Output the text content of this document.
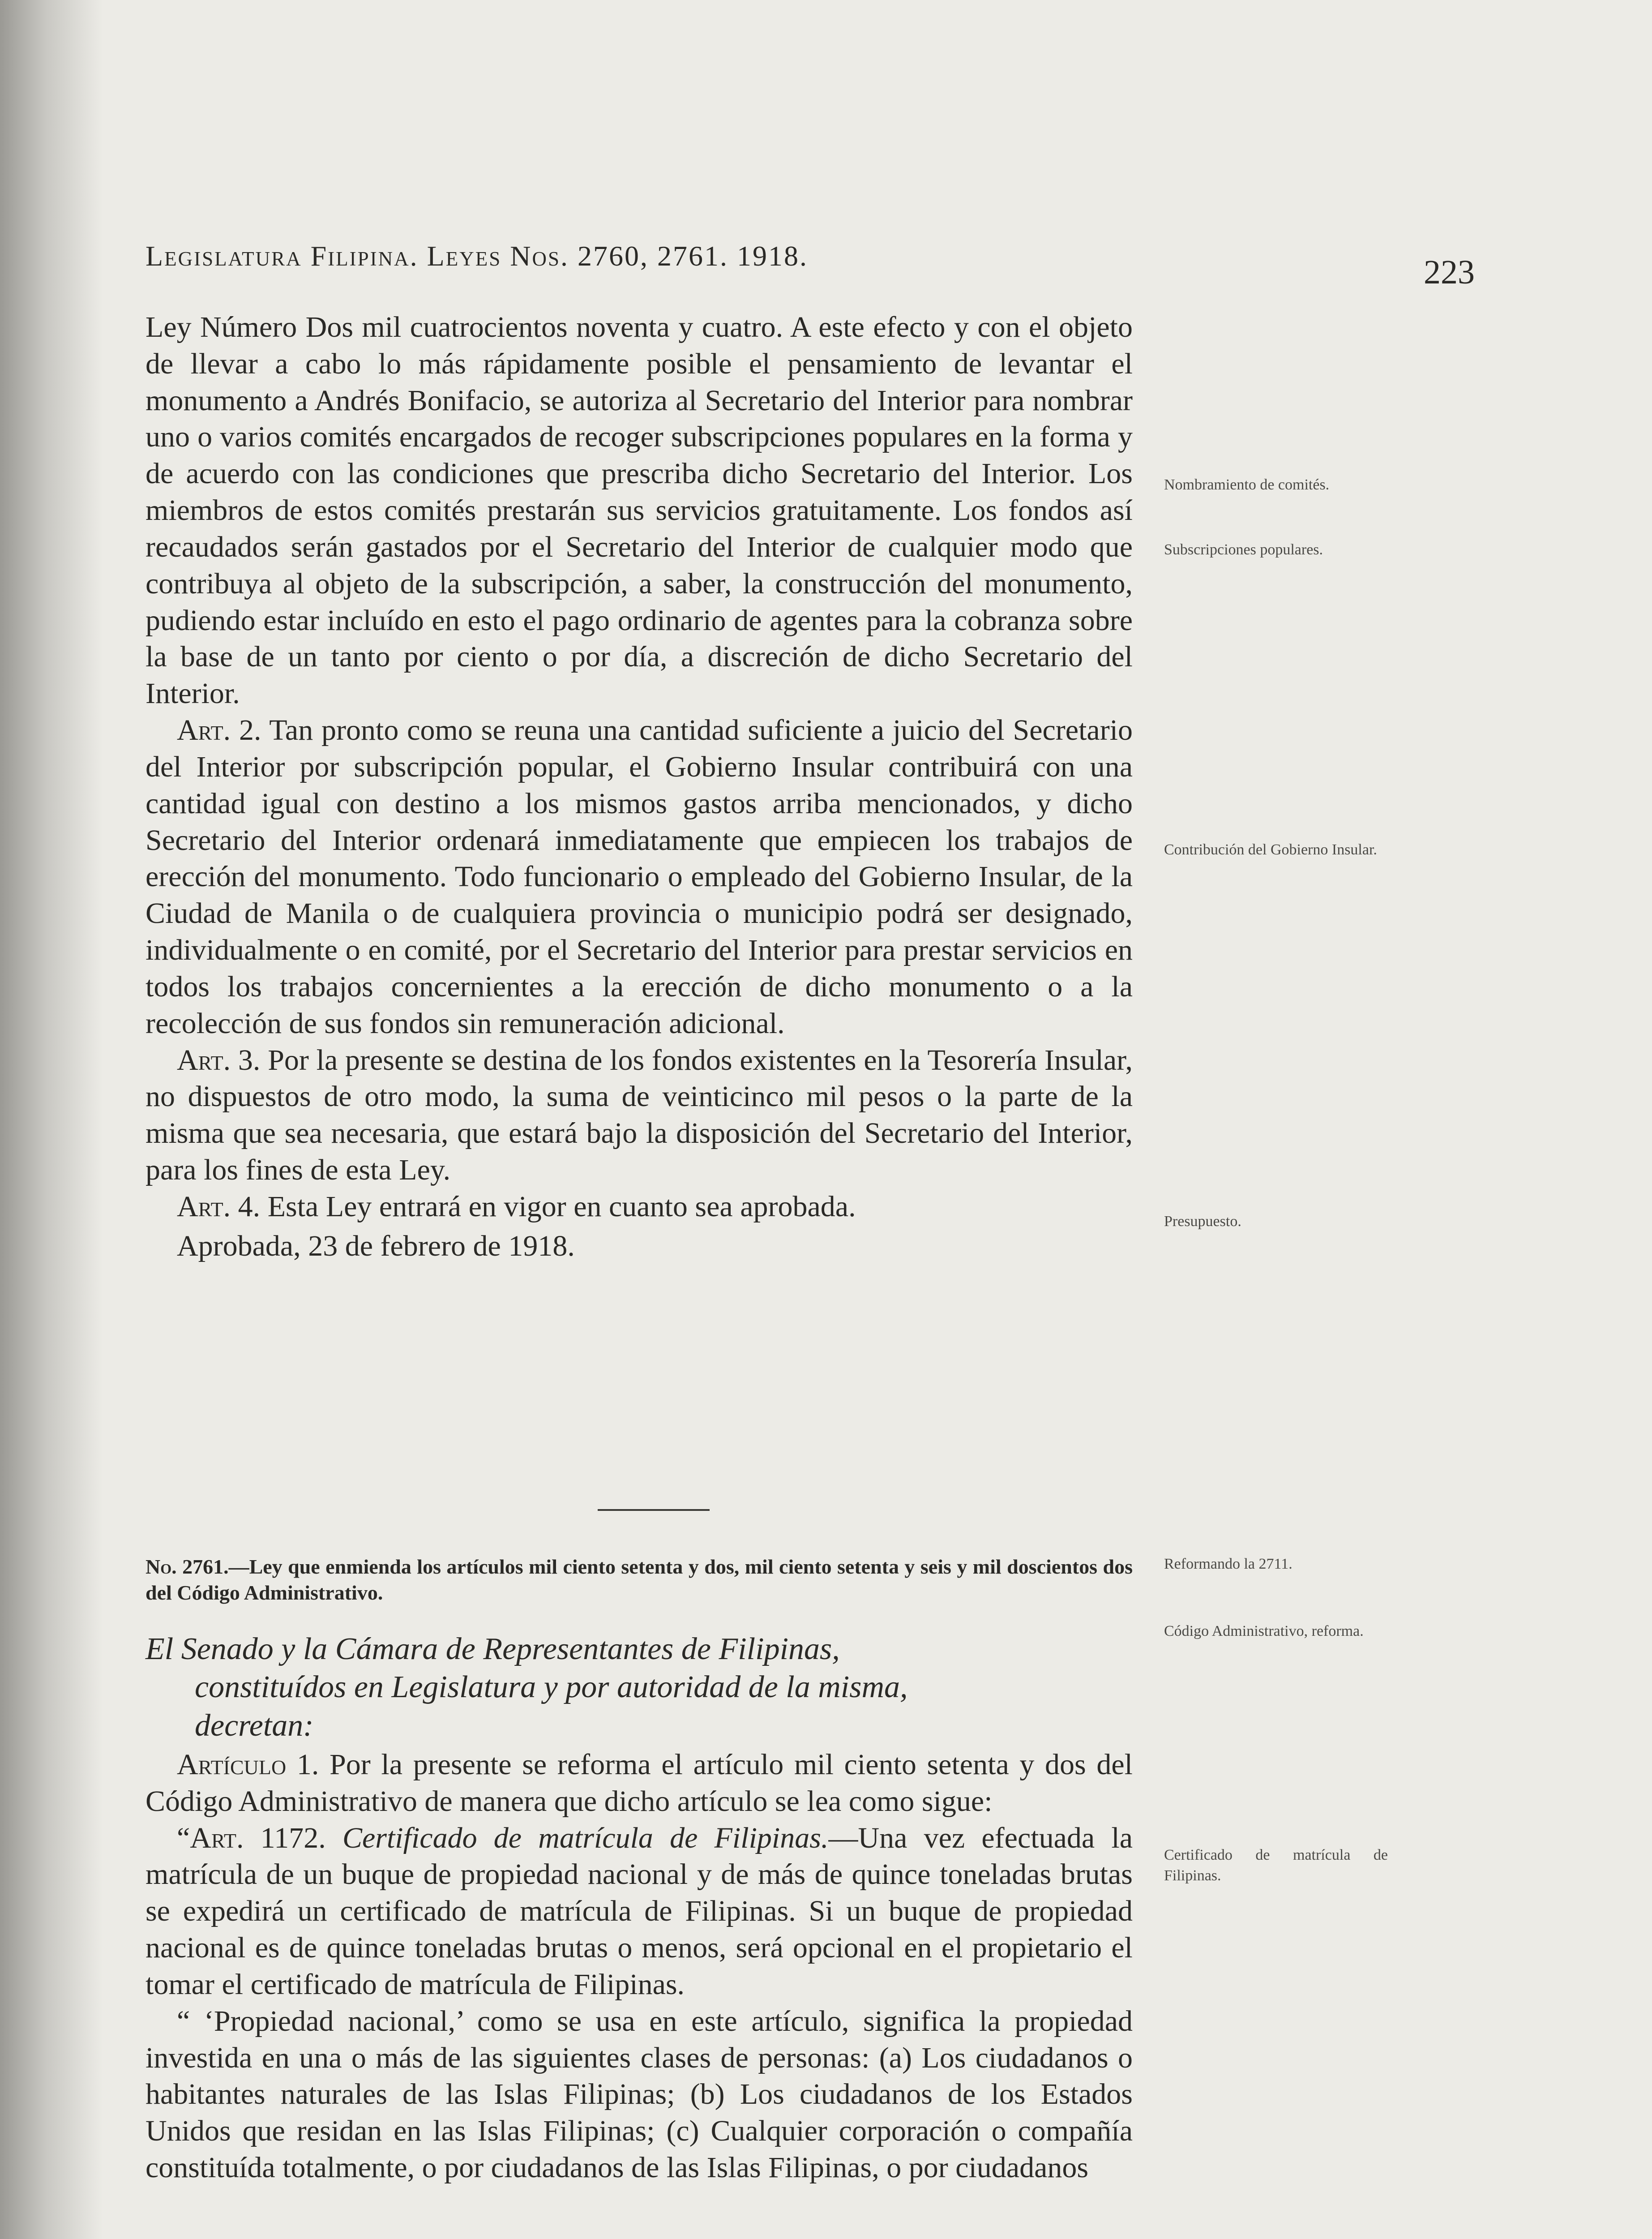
Legislatura Filipina. Leyes Nos. 2760, 2761. 1918.	223

Ley Número Dos mil cuatrocientos noventa y cuatro. A este efecto y con el objeto de llevar a cabo lo más rápidamente posible el pensamiento de levantar el monumento a Andrés Bonifacio, se autoriza al Secretario del Interior para nombrar uno o varios comités encargados de recoger subscripciones populares en la forma y de acuerdo con las condiciones que prescriba dicho Secretario del Interior. Los miembros de estos comités prestarán sus servicios gratuitamente. Los fondos así recaudados serán gastados por el Secretario del Interior de cualquier modo que contribuya al objeto de la subscripción, a saber, la construcción del monumento, pudiendo estar incluído en esto el pago ordinario de agentes para la cobranza sobre la base de un tanto por ciento o por día, a discreción de dicho Secretario del Interior.

Art. 2. Tan pronto como se reuna una cantidad suficiente a juicio del Secretario del Interior por subscripción popular, el Gobierno Insular contribuirá con una cantidad igual con destino a los mismos gastos arriba mencionados, y dicho Secretario del Interior ordenará inmediatamente que empiecen los trabajos de erección del monumento. Todo funcionario o empleado del Gobierno Insular, de la Ciudad de Manila o de cualquiera provincia o municipio podrá ser designado, individualmente o en comité, por el Secretario del Interior para prestar servicios en todos los trabajos concernientes a la erección de dicho monumento o a la recolección de sus fondos sin remuneración adicional.

Art. 3. Por la presente se destina de los fondos existentes en la Tesorería Insular, no dispuestos de otro modo, la suma de veinticinco mil pesos o la parte de la misma que sea necesaria, que estará bajo la disposición del Secretario del Interior, para los fines de esta Ley.

Art. 4. Esta Ley entrará en vigor en cuanto sea aprobada.

Aprobada, 23 de febrero de 1918.

No. 2761.—Ley que enmienda los artículos mil ciento setenta y dos, mil ciento setenta y seis y mil doscientos dos del Código Administrativo.
El Senado y la Cámara de Representantes de Filipinas,
constituídos en Legislatura y por autoridad de la misma,
decretan:

Artículo 1. Por la presente se reforma el artículo mil ciento setenta y dos del Código Administrativo de manera que dicho artículo se lea como sigue:

“Art. 1172. Certificado de matrícula de Filipinas.—Una vez efectuada la matrícula de un buque de propiedad nacional y de más de quince toneladas brutas se expedirá un certificado de matrícula de Filipinas. Si un buque de propiedad nacional es de quince toneladas brutas o menos, será opcional en el propietario el tomar el certificado de matrícula de Filipinas.

“ ‘Propiedad nacional,’ como se usa en este artículo, significa la propiedad investida en una o más de las siguientes clases de personas: (a) Los ciudadanos o habitantes naturales de las Islas Filipinas; (b) Los ciudadanos de los Estados Unidos que residan en las Islas Filipinas; (c) Cualquier corporación o compañía constituída totalmente, o por ciudadanos de las Islas Filipinas, o por ciudadanos

Nombramiento de comités.
Subscripciones populares.
Contribución del Gobierno Insular.
Presupuesto.
Reformando la 2711.
Código Administrativo, reforma.
Certificado de matrícula de Filipinas.
